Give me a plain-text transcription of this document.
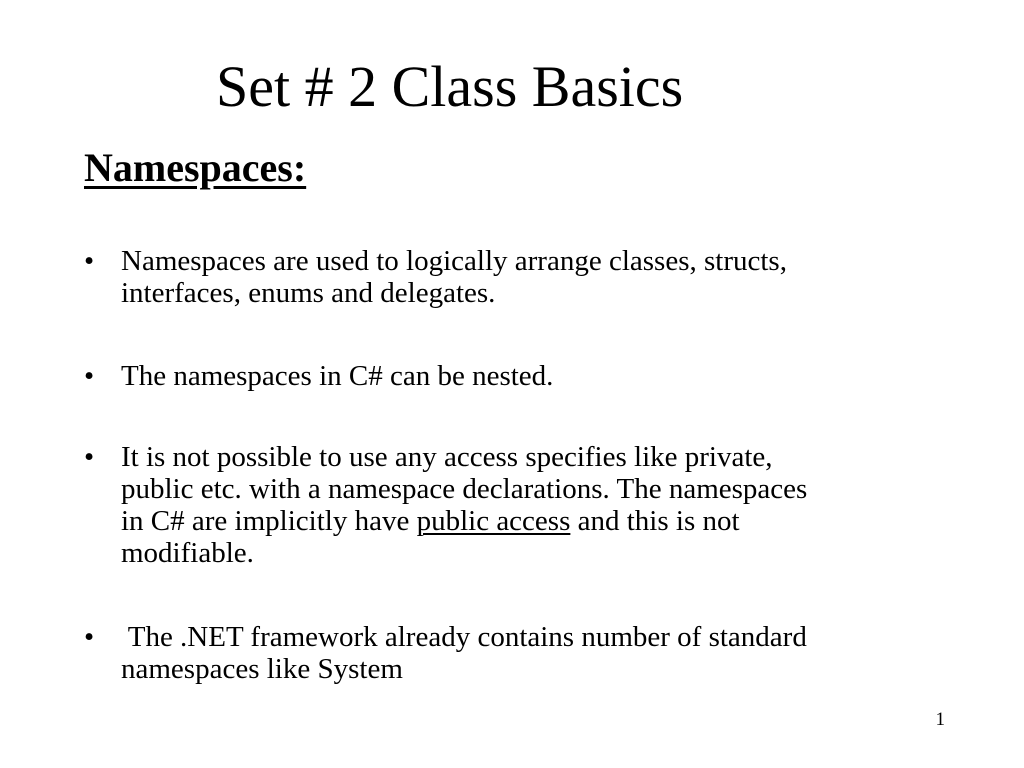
Set # 2 Class Basics
Namespaces:
• Namespaces are used to logically arrange classes, structs,
interfaces, enums and delegates.
• The namespaces in C# can be nested.
• It is not possible to use any access specifies like private,
public etc. with a namespace declarations. The namespaces
in C# are implicitly have public access and this is not
modifiable.
• The .NET framework already contains number of standard
namespaces like System
1
